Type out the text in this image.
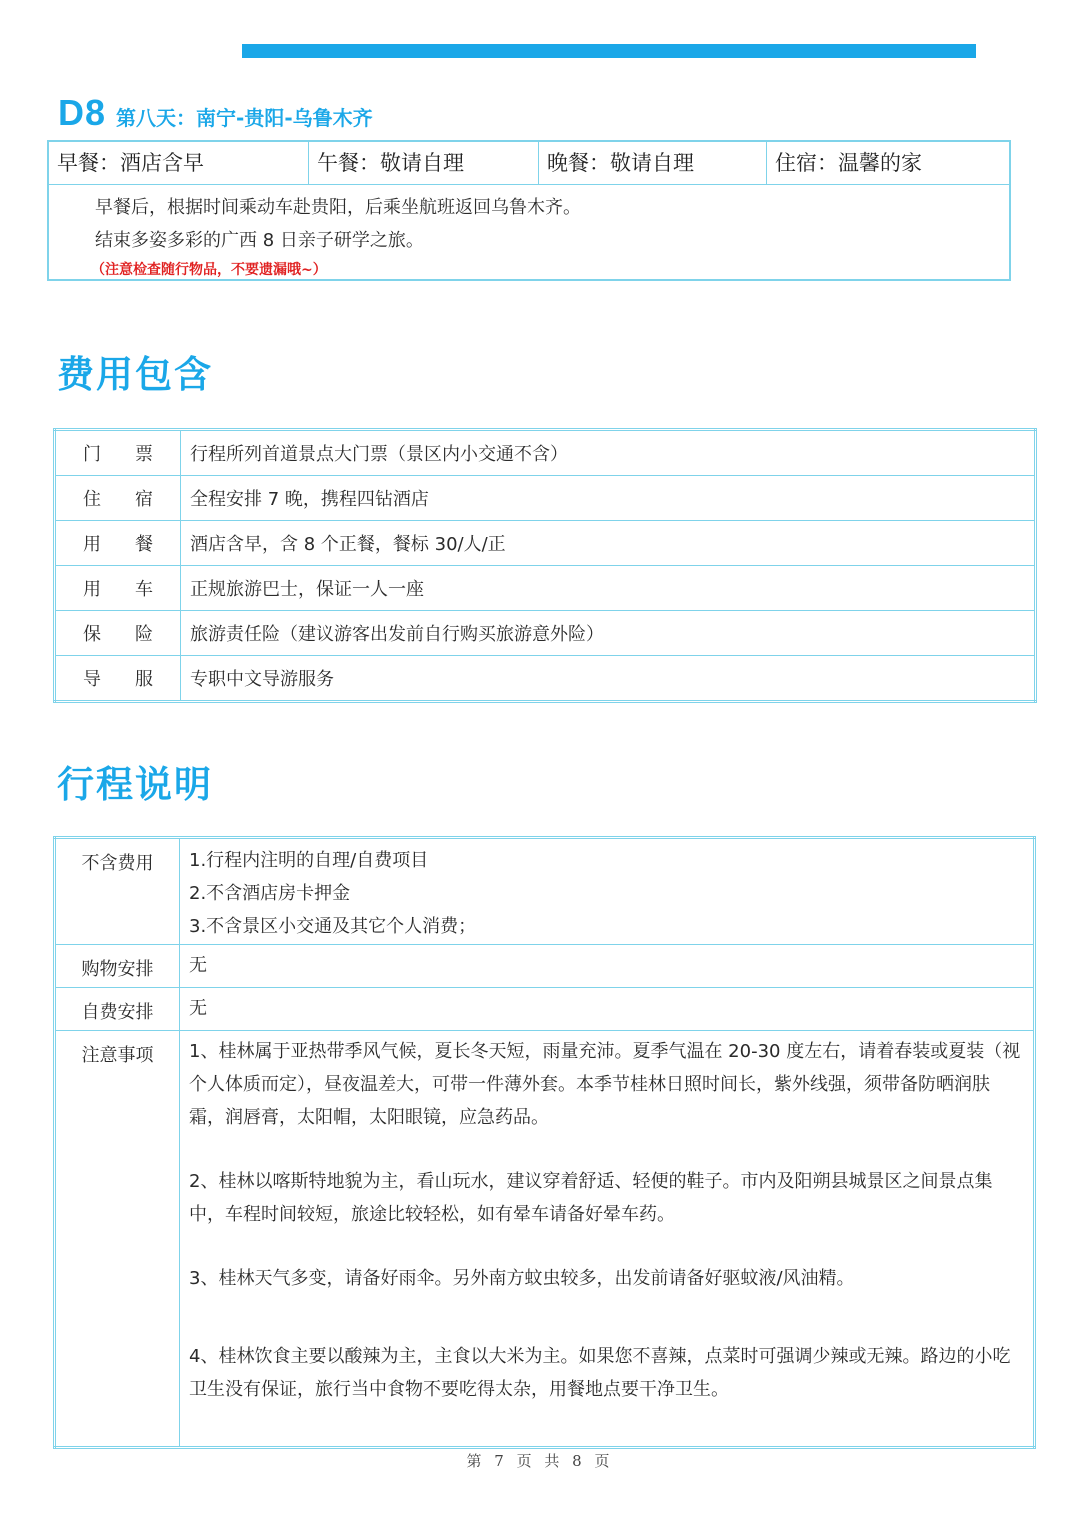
D8 第八天：南宁-贵阳-乌鲁木齐
早餐：酒店含早	午餐：敬请自理	晚餐：敬请自理	住宿：温馨的家
早餐后，根据时间乘动车赴贵阳，后乘坐航班返回乌鲁木齐。
结束多姿多彩的广西 8 日亲子研学之旅。
（注意检查随行物品，不要遗漏哦~）
费用包含
门 票	行程所列首道景点大门票（景区内小交通不含）
住 宿	全程安排 7 晚，携程四钻酒店
用 餐	酒店含早，含 8 个正餐，餐标 30/人/正
用 车	正规旅游巴士，保证一人一座
保 险	旅游责任险（建议游客出发前自行购买旅游意外险）
导 服	专职中文导游服务
行程说明
不含费用	1.行程内注明的自理/自费项目
2.不含酒店房卡押金
3.不含景区小交通及其它个人消费；

购物安排	无
自费安排	无
注意事项	1、桂林属于亚热带季风气候，夏长冬天短，雨量充沛。夏季气温在 20-30 度左右，请着春装或夏装（视个人体质而定），昼夜温差大，可带一件薄外套。本季节桂林日照时间长，紫外线强，须带备防晒润肤霜，润唇膏，太阳帽，太阳眼镜，应急药品。
2、桂林以喀斯特地貌为主，看山玩水，建议穿着舒适、轻便的鞋子。市内及阳朔县城景区之间景点集中，车程时间较短，旅途比较轻松，如有晕车请备好晕车药。
3、桂林天气多变，请备好雨伞。另外南方蚊虫较多，出发前请备好驱蚊液/风油精。
4、桂林饮食主要以酸辣为主，主食以大米为主。如果您不喜辣，点菜时可强调少辣或无辣。路边的小吃卫生没有保证，旅行当中食物不要吃得太杂，用餐地点要干净卫生。
第 7 页 共 8 页
